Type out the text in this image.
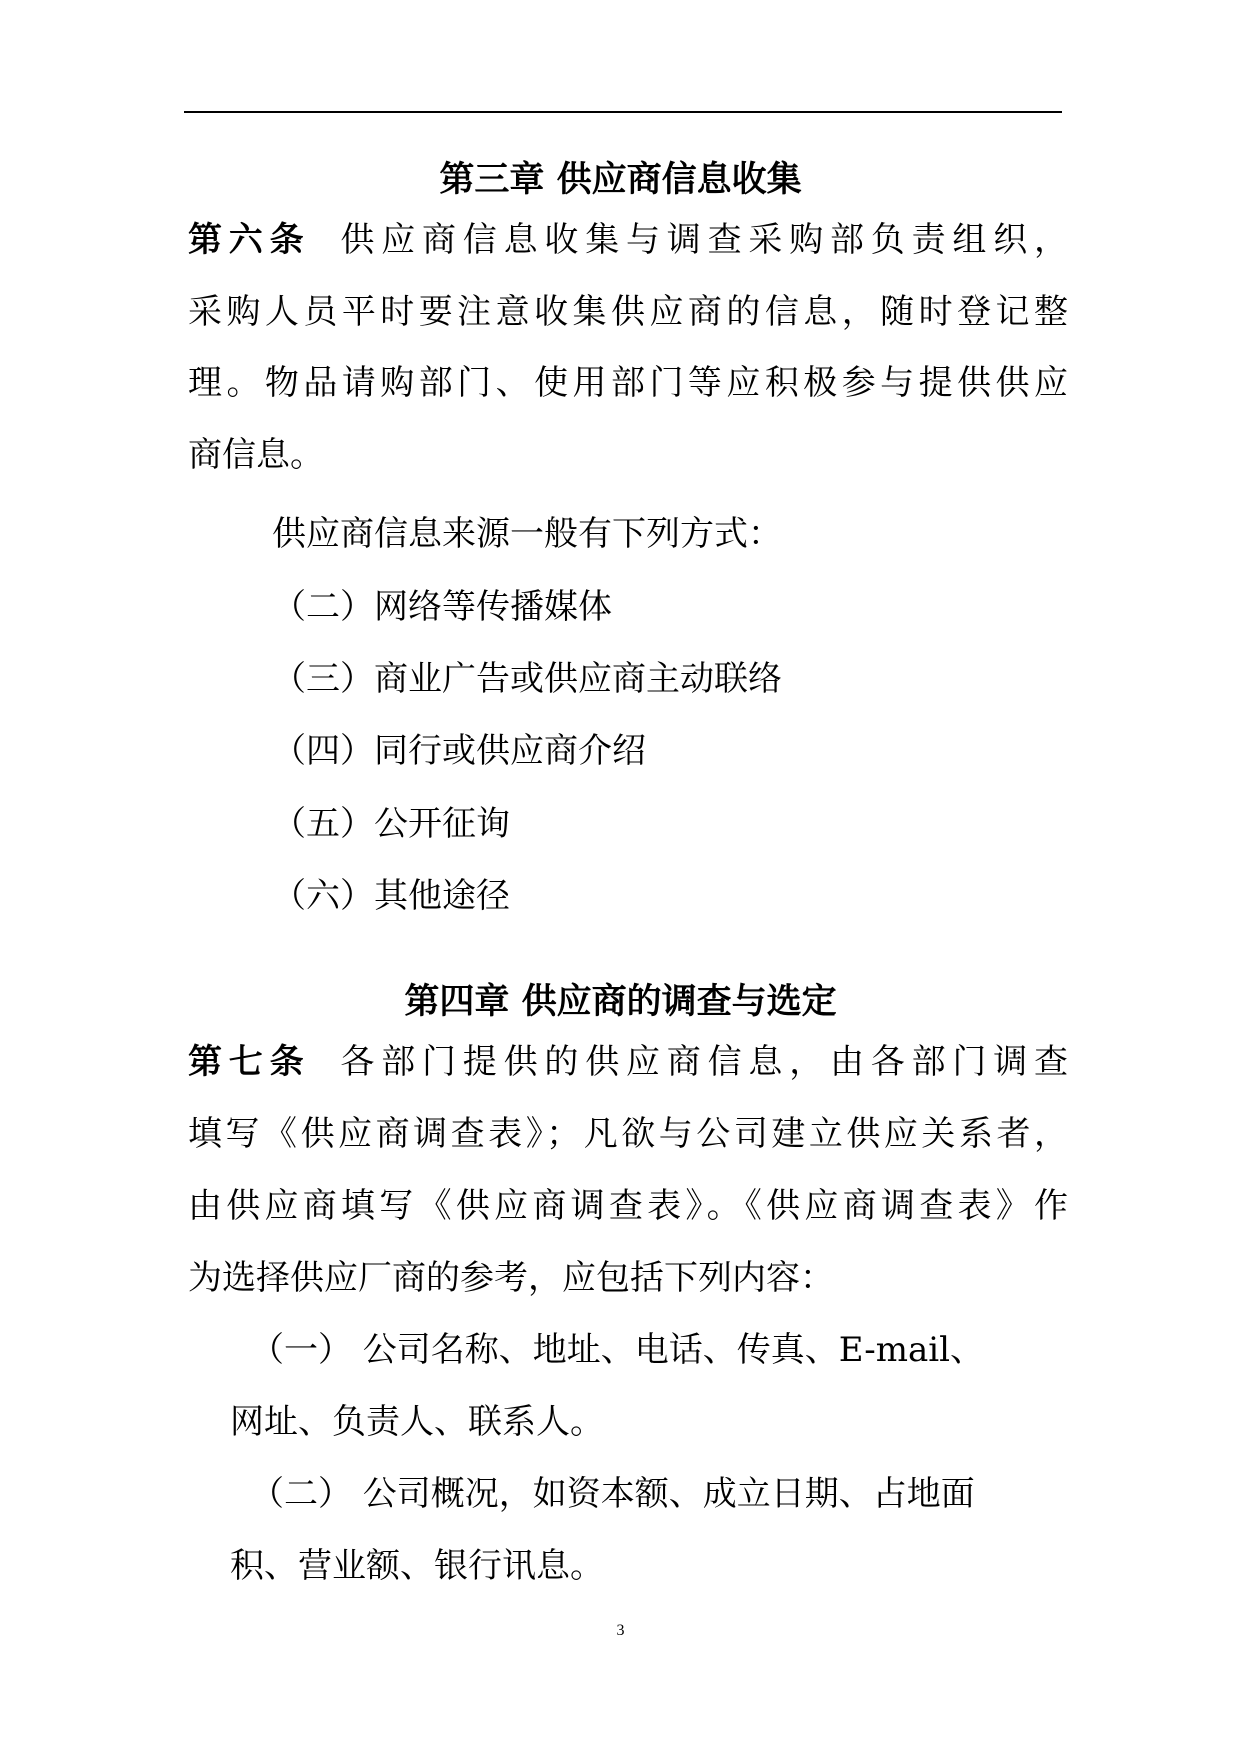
第三章 供应商信息收集
第六条 供应商信息收集与调查采购部负责组织，
采购人员平时要注意收集供应商的信息，随时登记整
理。物品请购部门、使用部门等应积极参与提供供应
商信息。
供应商信息来源一般有下列方式：
（二）网络等传播媒体
（三）商业广告或供应商主动联络
（四）同行或供应商介绍
（五）公开征询
（六）其他途径
第四章 供应商的调查与选定
第七条 各部门提供的供应商信息，由各部门调查
填写《供应商调查表》；凡欲与公司建立供应关系者，
由供应商填写《供应商调查表》。《供应商调查表》作
为选择供应厂商的参考，应包括下列内容：
（一） 公司名称、地址、电话、传真、E-mail、
网址、负责人、联系人。
（二） 公司概况，如资本额、成立日期、占地面
积、营业额、银行讯息。
3
